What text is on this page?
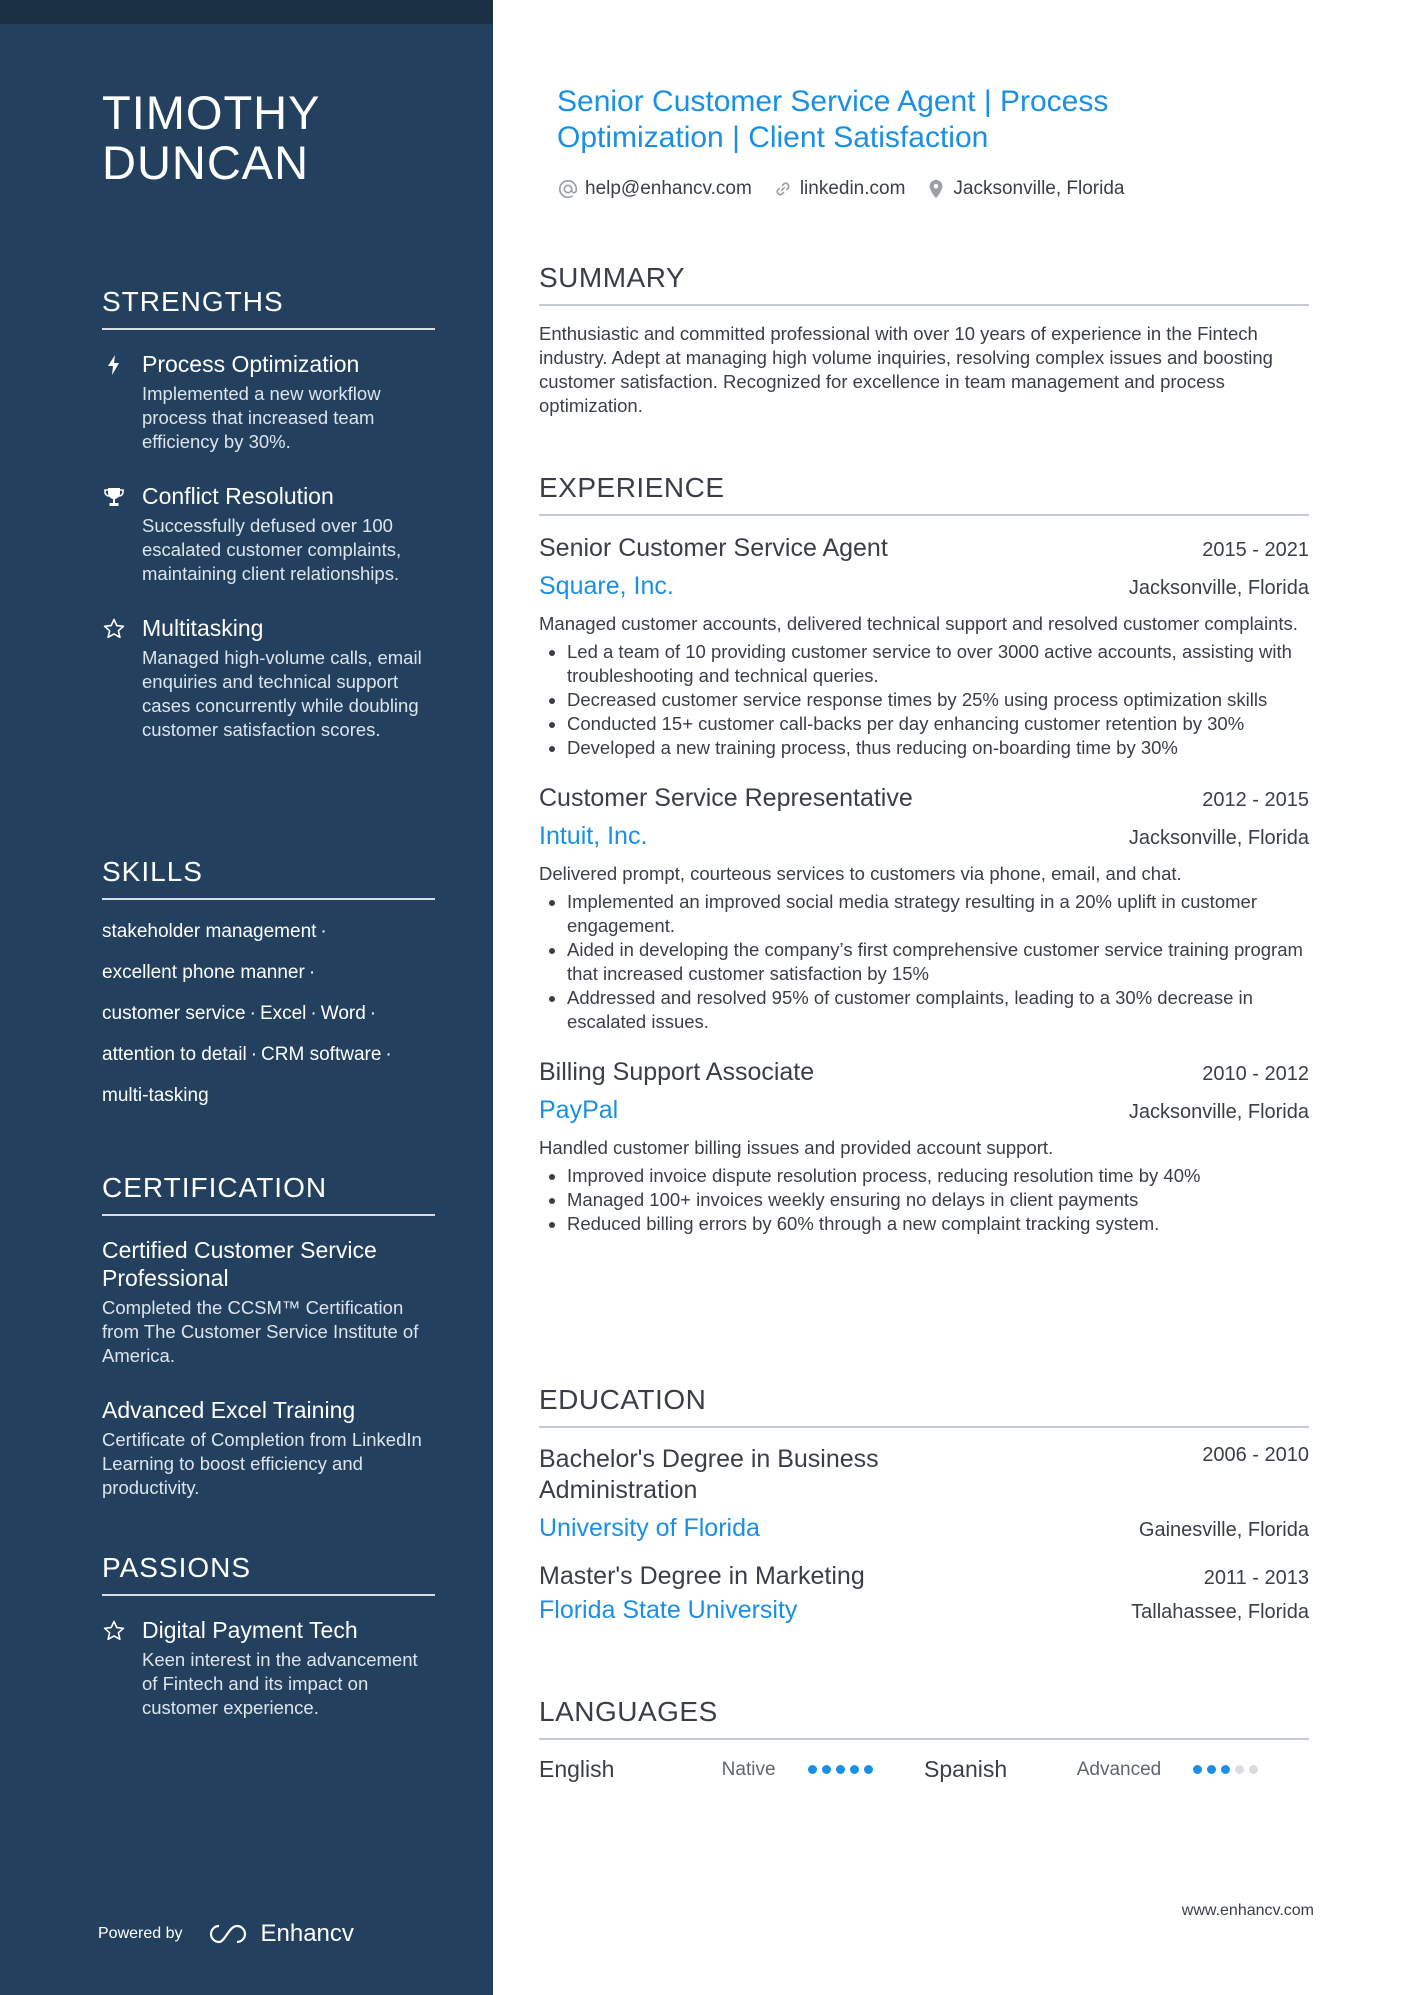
TIMOTHY
DUNCAN
STRENGTHS
Process Optimization
Implemented a new workflow process that increased team efficiency by 30%.
Conflict Resolution
Successfully defused over 100 escalated customer complaints, maintaining client relationships.
Multitasking
Managed high-volume calls, email enquiries and technical support cases concurrently while doubling customer satisfaction scores.
SKILLS
stakeholder management ·
excellent phone manner ·
customer service · Excel · Word ·
attention to detail · CRM software ·
multi-tasking
CERTIFICATION
Certified Customer Service Professional
Completed the CCSM™ Certification from The Customer Service Institute of America.
Advanced Excel Training
Certificate of Completion from LinkedIn Learning to boost efficiency and productivity.
PASSIONS
Digital Payment Tech
Keen interest in the advancement of Fintech and its impact on customer experience.
Powered by	Enhancv
Senior Customer Service Agent | Process
Optimization | Client Satisfaction
help@enhancv.com	linkedin.com	Jacksonville, Florida
SUMMARY
Enthusiastic and committed professional with over 10 years of experience in the Fintech industry. Adept at managing high volume inquiries, resolving complex issues and boosting customer satisfaction. Recognized for excellence in team management and process optimization.
EXPERIENCE
Senior Customer Service Agent	2015 - 2021
Square, Inc.	Jacksonville, Florida
Managed customer accounts, delivered technical support and resolved customer complaints.
• Led a team of 10 providing customer service to over 3000 active accounts, assisting with troubleshooting and technical queries.
• Decreased customer service response times by 25% using process optimization skills
• Conducted 15+ customer call-backs per day enhancing customer retention by 30%
• Developed a new training process, thus reducing on-boarding time by 30%
Customer Service Representative	2012 - 2015
Intuit, Inc.	Jacksonville, Florida
Delivered prompt, courteous services to customers via phone, email, and chat.
• Implemented an improved social media strategy resulting in a 20% uplift in customer engagement.
• Aided in developing the company’s first comprehensive customer service training program that increased customer satisfaction by 15%
• Addressed and resolved 95% of customer complaints, leading to a 30% decrease in escalated issues.
Billing Support Associate	2010 - 2012
PayPal	Jacksonville, Florida
Handled customer billing issues and provided account support.
• Improved invoice dispute resolution process, reducing resolution time by 40%
• Managed 100+ invoices weekly ensuring no delays in client payments
• Reduced billing errors by 60% through a new complaint tracking system.
EDUCATION
Bachelor's Degree in Business Administration
2006 - 2010
University of Florida	Gainesville, Florida
Master's Degree in Marketing	2011 - 2013
Florida State University	Tallahassee, Florida
LANGUAGES
English	Native	Spanish	Advanced
www.enhancv.com
